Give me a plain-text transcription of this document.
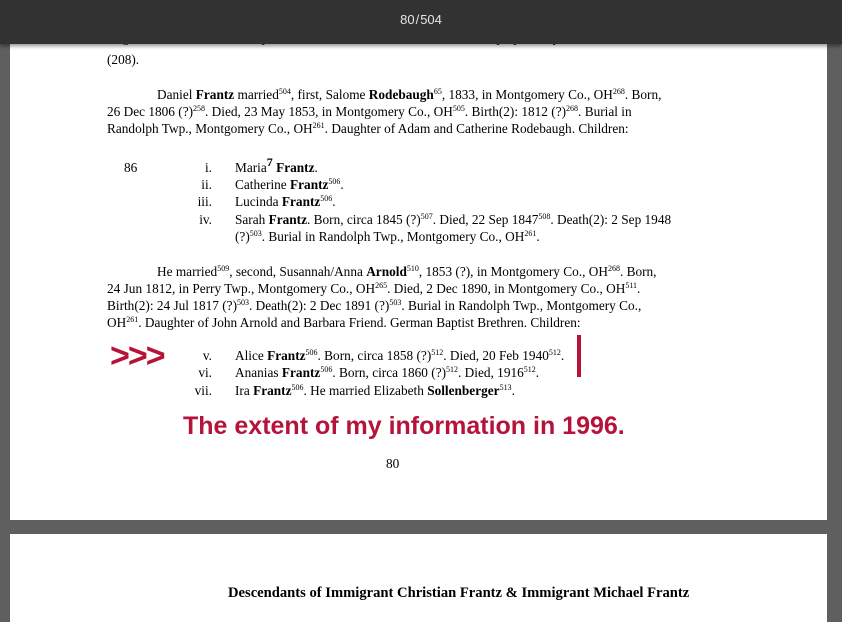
80/504
(208).
Daniel Frantz married$^{504}$, first, Salome Rodebaugh$^{65}$, 1833, in Montgomery Co., OH$^{268}$. Born,
26 Dec 1806 (?)$^{258}$. Died, 23 May 1853, in Montgomery Co., OH$^{505}$. Birth(2): 1812 (?)$^{268}$. Burial in
Randolph Twp., Montgomery Co., OH$^{261}$. Daughter of Adam and Catherine Rodebaugh. Children:
86	i. Maria7 Frantz.
ii. Catherine Frantz$^{506}$.
iii. Lucinda Frantz$^{506}$.
iv. Sarah Frantz. Born, circa 1845 (?)$^{507}$. Died, 22 Sep 1847$^{508}$. Death(2): 2 Sep 1948
(?)$^{503}$. Burial in Randolph Twp., Montgomery Co., OH$^{261}$.
He married$^{509}$, second, Susannah/Anna Arnold$^{510}$, 1853 (?), in Montgomery Co., OH$^{268}$. Born,
24 Jun 1812, in Perry Twp., Montgomery Co., OH$^{265}$. Died, 2 Dec 1890, in Montgomery Co., OH$^{511}$.
Birth(2): 24 Jul 1817 (?)$^{503}$. Death(2): 2 Dec 1891 (?)$^{503}$. Burial in Randolph Twp., Montgomery Co.,
OH$^{261}$. Daughter of John Arnold and Barbara Friend. German Baptist Brethren. Children:
>>>	v. Alice Frantz$^{506}$. Born, circa 1858 (?)$^{512}$. Died, 20 Feb 1940$^{512}$.
vi. Ananias Frantz$^{506}$. Born, circa 1860 (?)$^{512}$. Died, 1916$^{512}$.
vii. Ira Frantz$^{506}$. He married Elizabeth Sollenberger$^{513}$.
The extent of my information in 1996.
80
Descendants of Immigrant Christian Frantz & Immigrant Michael Frantz
